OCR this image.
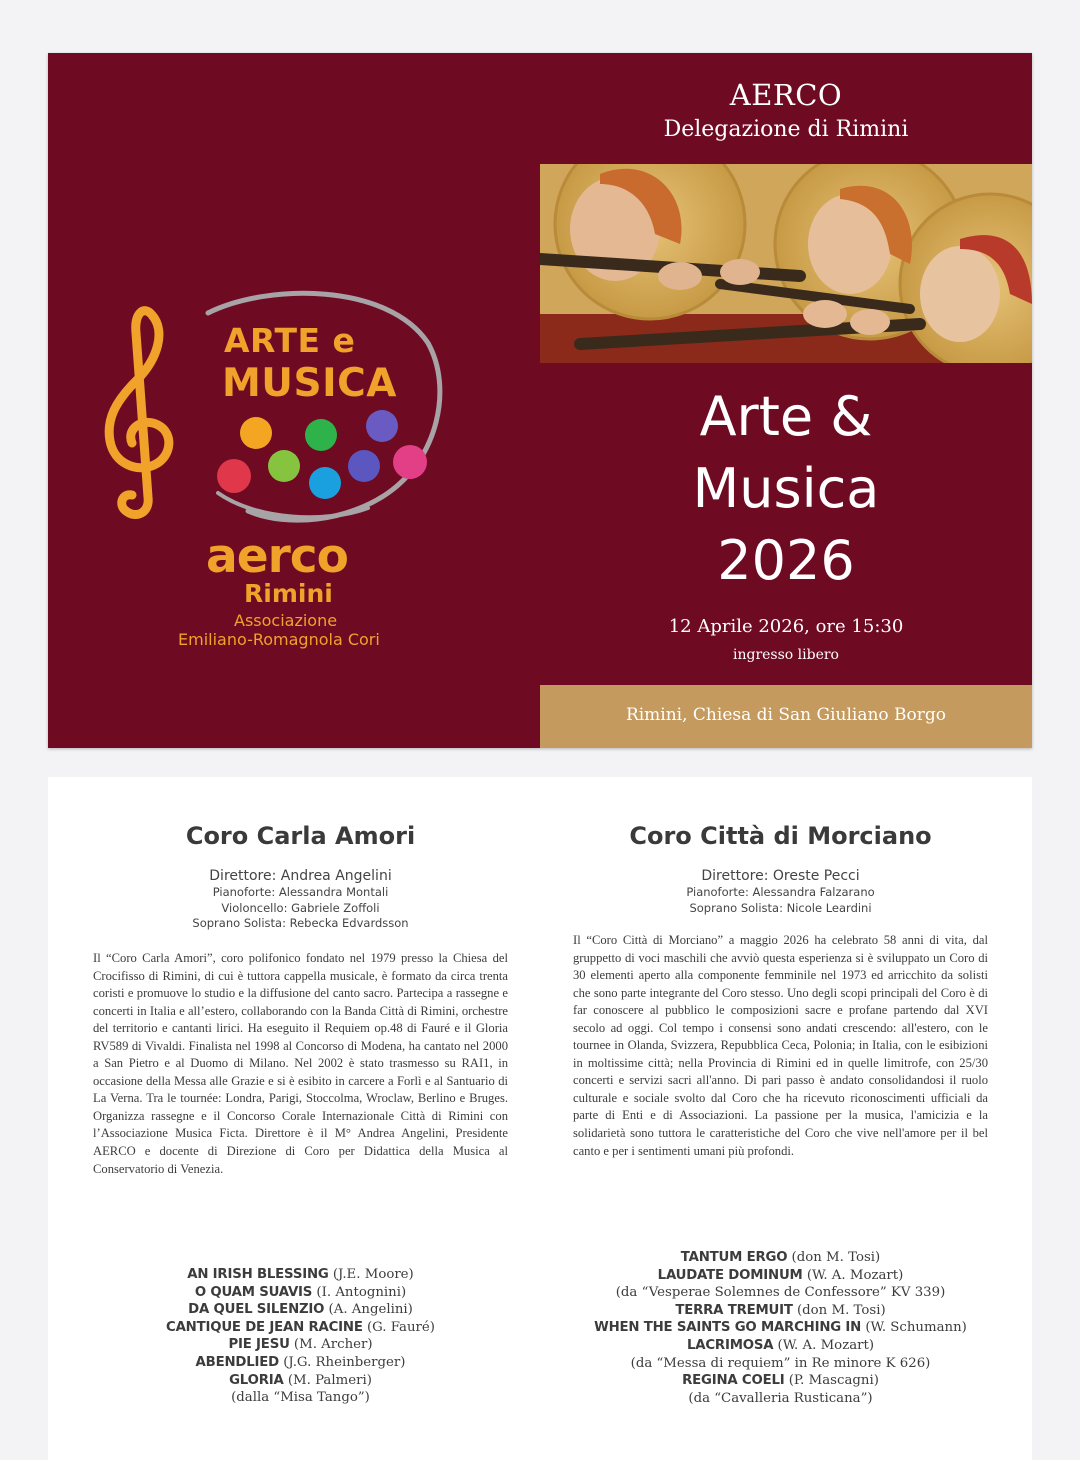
ARTE e
MUSICA
aerco
Rimini
Associazione
Emiliano-Romagnola Cori
AERCO
Delegazione di Rimini
Arte &
Musica
2026
12 Aprile 2026, ore 15:30
ingresso libero
Rimini, Chiesa di San Giuliano Borgo
Coro Carla Amori
Direttore: Andrea Angelini
Pianoforte: Alessandra Montali
Violoncello: Gabriele Zoffoli
Soprano Solista: Rebecka Edvardsson

Il “Coro Carla Amori”, coro polifonico fondato nel 1979 presso la Chiesa del Crocifisso di Rimini, di cui è tuttora cappella musicale, è formato da circa trenta coristi e promuove lo studio e la diffusione del canto sacro. Partecipa a rassegne e concerti in Italia e all’estero, collaborando con la Banda Città di Rimini, orchestre del territorio e cantanti lirici. Ha eseguito il Requiem op.48 di Fauré e il Gloria RV589 di Vivaldi. Finalista nel 1998 al Concorso di Modena, ha cantato nel 2000 a San Pietro e al Duomo di Milano. Nel 2002 è stato trasmesso su RAI1, in occasione della Messa alle Grazie e si è esibito in carcere a Forlì e al Santuario di La Verna. Tra le tournée: Londra, Parigi, Stoccolma, Wroclaw, Berlino e Bruges. Organizza rassegne e il Concorso Corale Internazionale Città di Rimini con l’Associazione Musica Ficta. Direttore è il M° Andrea Angelini, Presidente AERCO e docente di Direzione di Coro per Didattica della Musica al Conservatorio di Venezia.

AN IRISH BLESSING (J.E. Moore)
O QUAM SUAVIS (I. Antognini)
DA QUEL SILENZIO (A. Angelini)
CANTIQUE DE JEAN RACINE (G. Fauré)
PIE JESU (M. Archer)
ABENDLIED (J.G. Rheinberger)
GLORIA (M. Palmeri)
(dalla “Misa Tango”)
Coro Città di Morciano
Direttore: Oreste Pecci
Pianoforte: Alessandra Falzarano
Soprano Solista: Nicole Leardini

Il “Coro Città di Morciano” a maggio 2026 ha celebrato 58 anni di vita, dal gruppetto di voci maschili che avviò questa esperienza si è sviluppato un Coro di 30 elementi aperto alla componente femminile nel 1973 ed arricchito da solisti che sono parte integrante del Coro stesso. Uno degli scopi principali del Coro è di far conoscere al pubblico le composizioni sacre e profane partendo dal XVI secolo ad oggi. Col tempo i consensi sono andati crescendo: all'estero, con le tournee in Olanda, Svizzera, Repubblica Ceca, Polonia; in Italia, con le esibizioni in moltissime città; nella Provincia di Rimini ed in quelle limitrofe, con 25/30 concerti e servizi sacri all'anno. Di pari passo è andato consolidandosi il ruolo culturale e sociale svolto dal Coro che ha ricevuto riconoscimenti ufficiali da parte di Enti e di Associazioni. La passione per la musica, l'amicizia e la solidarietà sono tuttora le caratteristiche del Coro che vive nell'amore per il bel canto e per i sentimenti umani più profondi.

TANTUM ERGO (don M. Tosi)
LAUDATE DOMINUM (W. A. Mozart)
(da “Vesperae Solemnes de Confessore” KV 339)
TERRA TREMUIT (don M. Tosi)
WHEN THE SAINTS GO MARCHING IN (W. Schumann)
LACRIMOSA (W. A. Mozart)
(da “Messa di requiem” in Re minore K 626)
REGINA COELI (P. Mascagni)
(da “Cavalleria Rusticana”)
